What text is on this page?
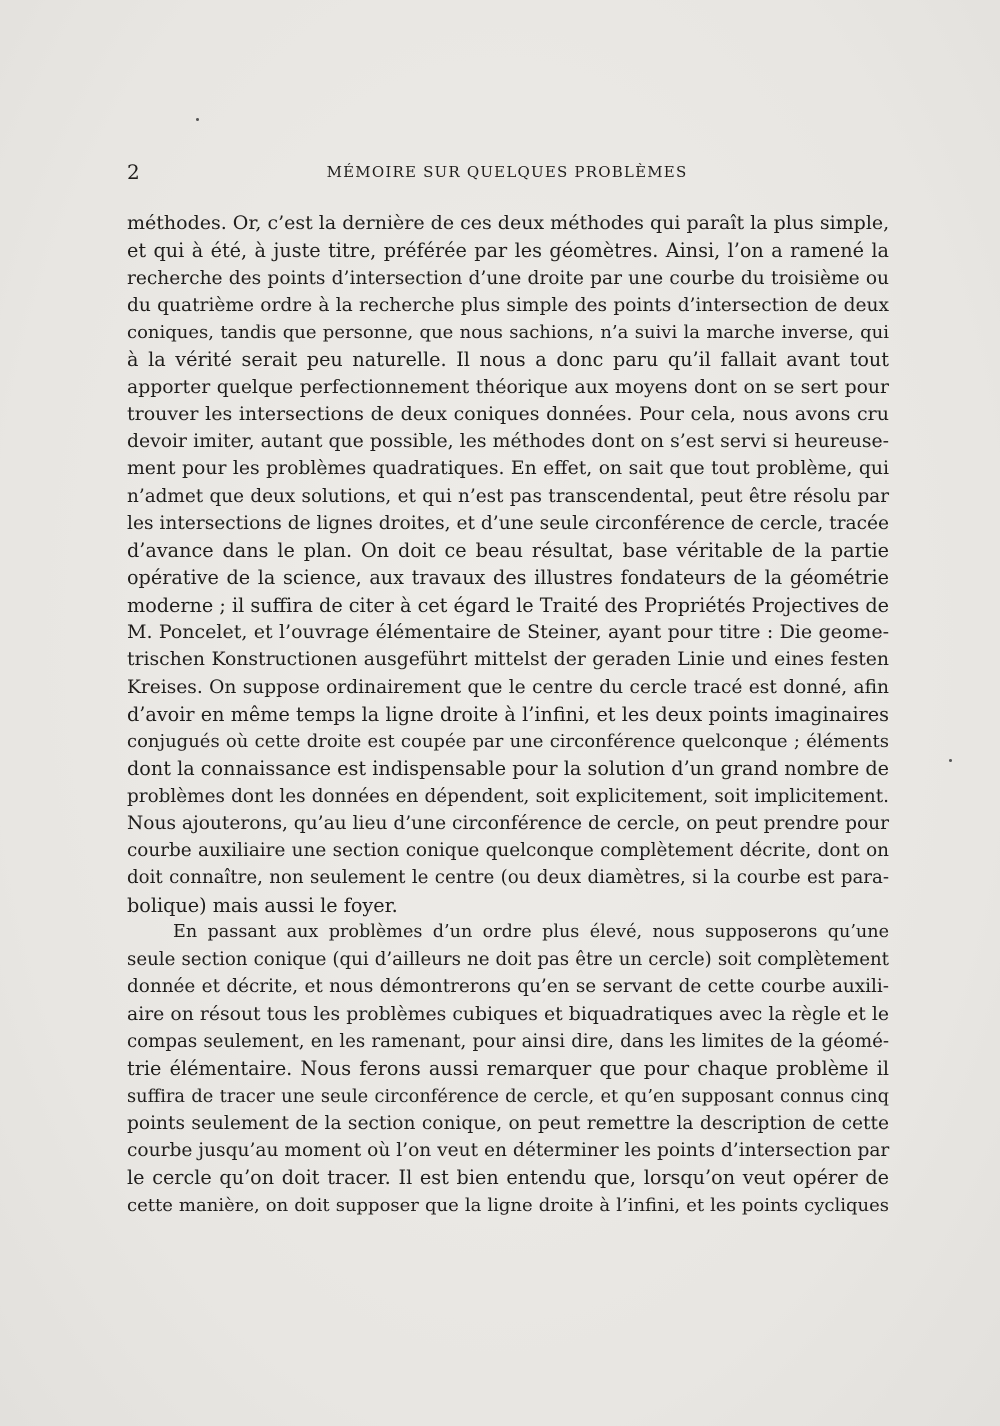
2	MÉMOIRE SUR QUELQUES PROBLÈMES
méthodes. Or, c’est la dernière de ces deux méthodes qui paraît la plus simple,
et qui à été, à juste titre, préférée par les géomètres. Ainsi, l’on a ramené la
recherche des points d’intersection d’une droite par une courbe du troisième ou
du quatrième ordre à la recherche plus simple des points d’intersection de deux
coniques, tandis que personne, que nous sachions, n’a suivi la marche inverse, qui
à la vérité serait peu naturelle. Il nous a donc paru qu’il fallait avant tout
apporter quelque perfectionnement théorique aux moyens dont on se sert pour
trouver les intersections de deux coniques données. Pour cela, nous avons cru
devoir imiter, autant que possible, les méthodes dont on s’est servi si heureuse-
ment pour les problèmes quadratiques. En effet, on sait que tout problème, qui
n’admet que deux solutions, et qui n’est pas transcendental, peut être résolu par
les intersections de lignes droites, et d’une seule circonférence de cercle, tracée
d’avance dans le plan. On doit ce beau résultat, base véritable de la partie
opérative de la science, aux travaux des illustres fondateurs de la géométrie
moderne ; il suffira de citer à cet égard le Traité des Propriétés Projectives de
M. Poncelet, et l’ouvrage élémentaire de Steiner, ayant pour titre : Die geome-
trischen Konstructionen ausgeführt mittelst der geraden Linie und eines festen
Kreises. On suppose ordinairement que le centre du cercle tracé est donné, afin
d’avoir en même temps la ligne droite à l’infini, et les deux points imaginaires
conjugués où cette droite est coupée par une circonférence quelconque ; éléments
dont la connaissance est indispensable pour la solution d’un grand nombre de
problèmes dont les données en dépendent, soit explicitement, soit implicitement.
Nous ajouterons, qu’au lieu d’une circonférence de cercle, on peut prendre pour
courbe auxiliaire une section conique quelconque complètement décrite, dont on
doit connaître, non seulement le centre (ou deux diamètres, si la courbe est para-
bolique) mais aussi le foyer.
En passant aux problèmes d’un ordre plus élevé, nous supposerons qu’une
seule section conique (qui d’ailleurs ne doit pas être un cercle) soit complètement
donnée et décrite, et nous démontrerons qu’en se servant de cette courbe auxili-
aire on résout tous les problèmes cubiques et biquadratiques avec la règle et le
compas seulement, en les ramenant, pour ainsi dire, dans les limites de la géomé-
trie élémentaire. Nous ferons aussi remarquer que pour chaque problème il
suffira de tracer une seule circonférence de cercle, et qu’en supposant connus cinq
points seulement de la section conique, on peut remettre la description de cette
courbe jusqu’au moment où l’on veut en déterminer les points d’intersection par
le cercle qu’on doit tracer. Il est bien entendu que, lorsqu’on veut opérer de
cette manière, on doit supposer que la ligne droite à l’infini, et les points cycliques
